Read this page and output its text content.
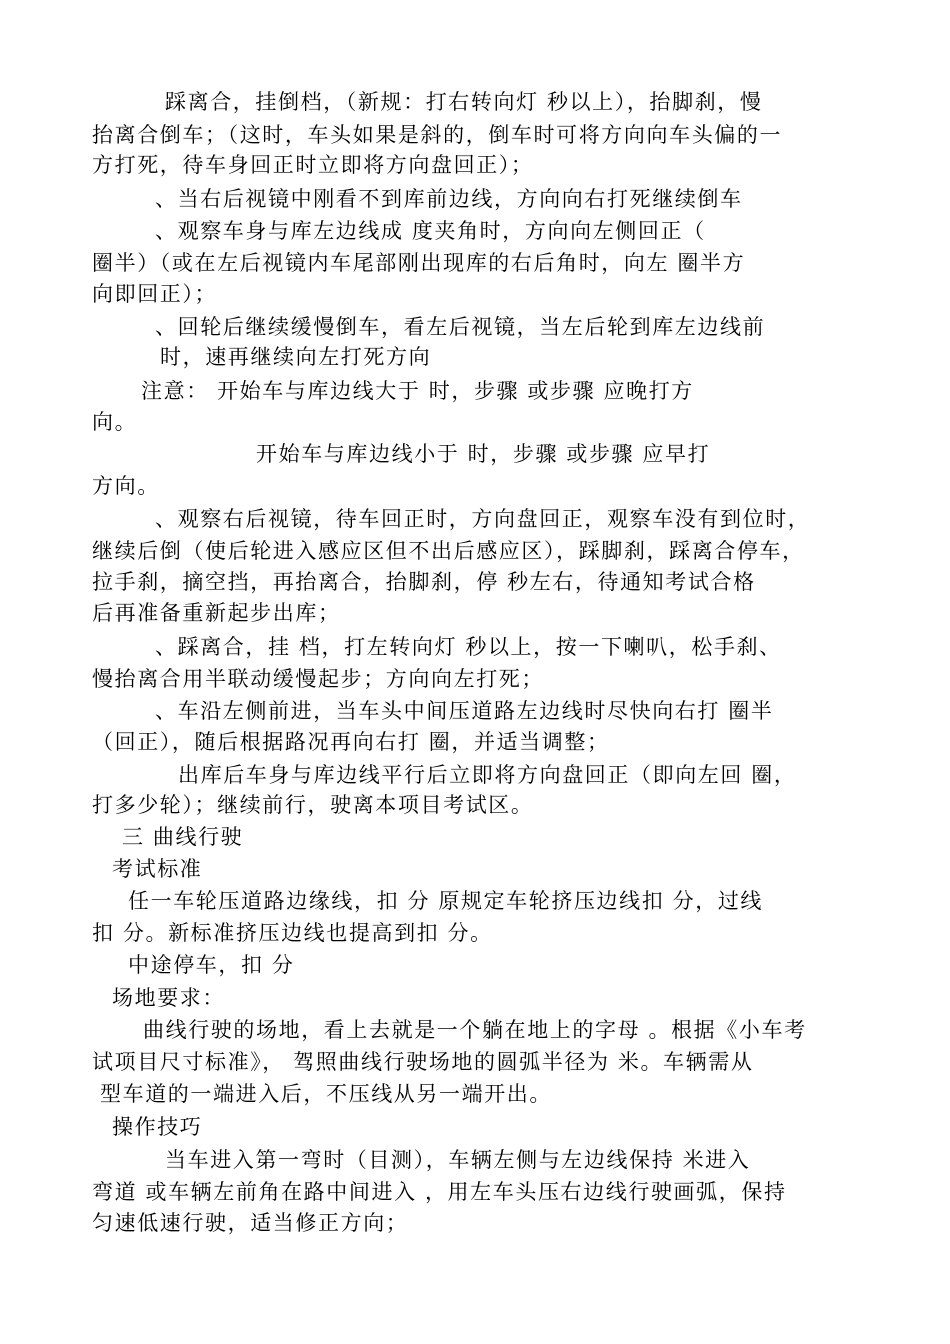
踩离合，挂倒档，（新规：打右转向灯 秒以上），抬脚刹，慢
抬离合倒车；（这时，车头如果是斜的，倒车时可将方向向车头偏的一
方打死，待车身回正时立即将方向盘回正）；
、当右后视镜中刚看不到库前边线，方向向右打死继续倒车
、观察车身与库左边线成 度夹角时，方向向左侧回正（
圈半）（或在左后视镜内车尾部刚出现库的右后角时，向左 圈半方
向即回正）；
、回轮后继续缓慢倒车，看左后视镜，当左后轮到库左边线前
时，速再继续向左打死方向
注意： 开始车与库边线大于 时，步骤 或步骤 应晚打方
向。
开始车与库边线小于 时，步骤 或步骤 应早打
方向。
、观察右后视镜，待车回正时，方向盘回正，观察车没有到位时，
继续后倒（使后轮进入感应区但不出后感应区），踩脚刹，踩离合停车，
拉手刹，摘空挡，再抬离合，抬脚刹，停 秒左右，待通知考试合格
后再准备重新起步出库；
、踩离合，挂 档，打左转向灯 秒以上，按一下喇叭，松手刹、
慢抬离合用半联动缓慢起步；方向向左打死；
、车沿左侧前进，当车头中间压道路左边线时尽快向右打 圈半
（回正），随后根据路况再向右打 圈，并适当调整；
出库后车身与库边线平行后立即将方向盘回正（即向左回 圈，
打多少轮）；继续前行，驶离本项目考试区。
三 曲线行驶
考试标准
任一车轮压道路边缘线，扣 分 原规定车轮挤压边线扣 分，过线
扣 分。新标准挤压边线也提高到扣 分。
中途停车，扣 分
场地要求：
曲线行驶的场地，看上去就是一个躺在地上的字母 。根据《小车考
试项目尺寸标准》， 驾照曲线行驶场地的圆弧半径为 米。车辆需从
型车道的一端进入后，不压线从另一端开出。
操作技巧
当车进入第一弯时（目测），车辆左侧与左边线保持 米进入
弯道 或车辆左前角在路中间进入 ，用左车头压右边线行驶画弧，保持
匀速低速行驶，适当修正方向；
